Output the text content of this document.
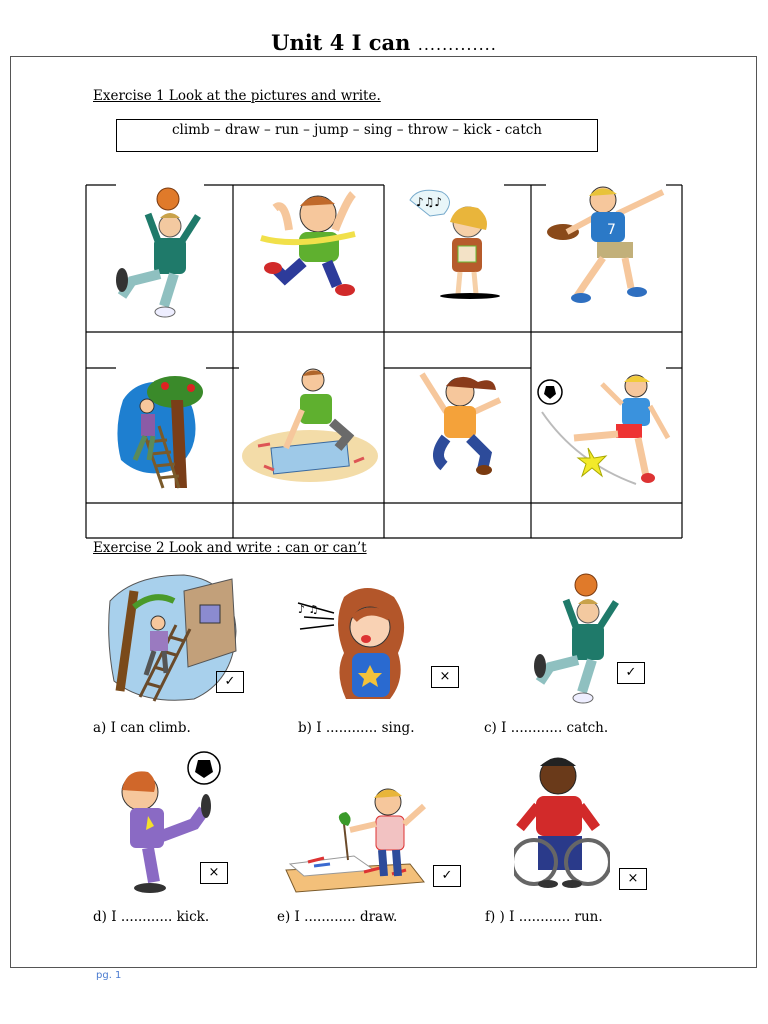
Unit 4 I can .............
Exercise 1 Look at the pictures and write.
climb – draw – run – jump – sing – throw – kick - catch
♪♫♪
7
Exercise 2 Look and write : can or can’t
✓
♪ ♫
×	✓
a) I can climb.	b) I ............ sing.	c) I ............ catch.
×	✓	×
d) I ............ kick.	e) I ............ draw.	f) ) I ............ run.
pg. 1
